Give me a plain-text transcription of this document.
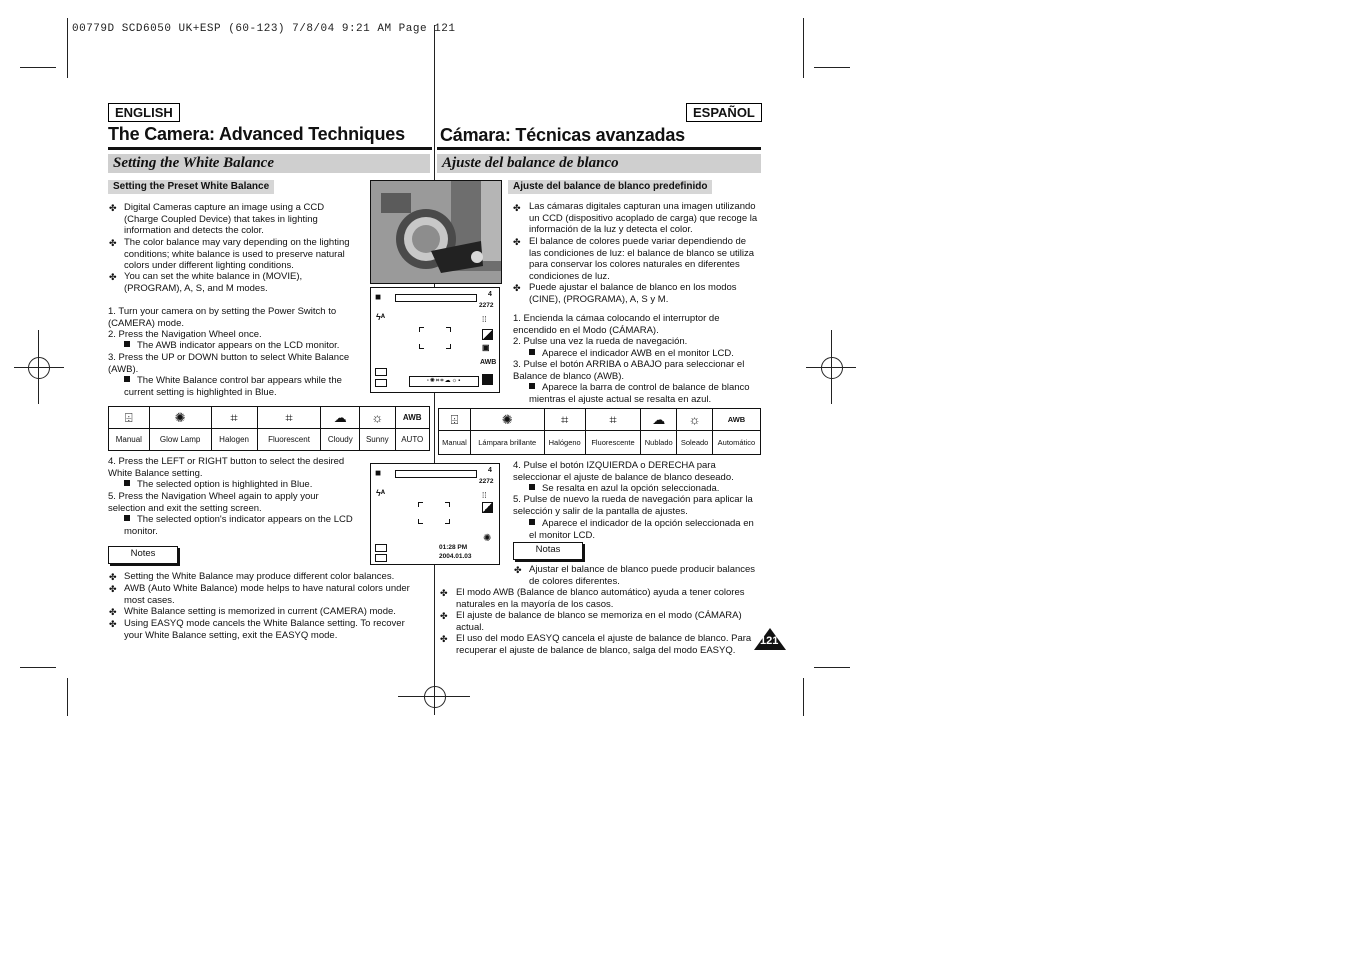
00779D SCD6050 UK+ESP (60-123) 7/8/04 9:21 AM Page 121
ENGLISH
The Camera: Advanced Techniques
Setting the White Balance
Setting the Preset White Balance
✤ Digital Cameras capture an image using a CCD (Charge Coupled Device) that takes in lighting information and detects the color.
✤ The color balance may vary depending on the lighting conditions; white balance is used to preserve natural colors under different lighting conditions.
✤ You can set the white balance in (MOVIE), (PROGRAM), A, S, and M modes.
1. Turn your camera on by setting the Power Switch to (CAMERA) mode.
2. Press the Navigation Wheel once.
The AWB indicator appears on the LCD monitor.
3. Press the UP or DOWN button to select White Balance (AWB).
The White Balance control bar appears while the current setting is highlighted in Blue.
⌹	✺	⌗	⌗	☁	☼	AWB
Manual	Glow Lamp	Halogen	Fluorescent	Cloudy	Sunny	AUTO
4. Press the LEFT or RIGHT button to select the desired White Balance setting.
The selected option is highlighted in Blue.
5. Press the Navigation Wheel again to apply your selection and exit the setting screen.
The selected option's indicator appears on the LCD monitor.
Notes
✤ Setting the White Balance may produce different color balances.
✤ AWB (Auto White Balance) mode helps to have natural colors under most cases.
✤ White Balance setting is memorized in current (CAMERA) mode.
✤ Using EASYQ mode cancels the White Balance setting. To recover your White Balance setting, exit the EASYQ mode.
■	4
2272
ϟᴬ	⁞⁞
▣
AWB
▫✺⌗⌗☁☼▪
■	4
2272
ϟᴬ	⁞⁞
01:28 PM
2004.01.03
✺
ESPAÑOL
Cámara: Técnicas avanzadas
Ajuste del balance de blanco
Ajuste del balance de blanco predefinido
✤ Las cámaras digitales capturan una imagen utilizando un CCD (dispositivo acoplado de carga) que recoge la información de la luz y detecta el color.
✤ El balance de colores puede variar dependiendo de las condiciones de luz: el balance de blanco se utiliza para conservar los colores naturales en diferentes condiciones de luz.
✤ Puede ajustar el balance de blanco en los modos (CINE), (PROGRAMA), A, S y M.
1. Encienda la cámaa colocando el interruptor de encendido en el Modo (CÁMARA).
2. Pulse una vez la rueda de navegación.
Aparece el indicador AWB en el monitor LCD.
3. Pulse el botón ARRIBA o ABAJO para seleccionar el Balance de blanco (AWB).
Aparece la barra de control de balance de blanco mientras el ajuste actual se resalta en azul.
⌹	✺	⌗	⌗	☁	☼	AWB
Manual	Lámpara brillante	Halógeno	Fluorescente	Nublado	Soleado	Automático
4. Pulse el botón IZQUIERDA o DERECHA para seleccionar el ajuste de balance de blanco deseado.
Se resalta en azul la opción seleccionada.
5. Pulse de nuevo la rueda de navegación para aplicar la selección y salir de la pantalla de ajustes.
Aparece el indicador de la opción seleccionada en el monitor LCD.
Notas
✤ Ajustar el balance de blanco puede producir balances de colores diferentes.
✤ El modo AWB (Balance de blanco automático) ayuda a tener colores naturales en la mayoría de los casos.
✤ El ajuste de balance de blanco se memoriza en el modo (CÁMARA) actual.
✤ El uso del modo EASYQ cancela el ajuste de balance de blanco. Para recuperar el ajuste de balance de blanco, salga del modo EASYQ.
121
